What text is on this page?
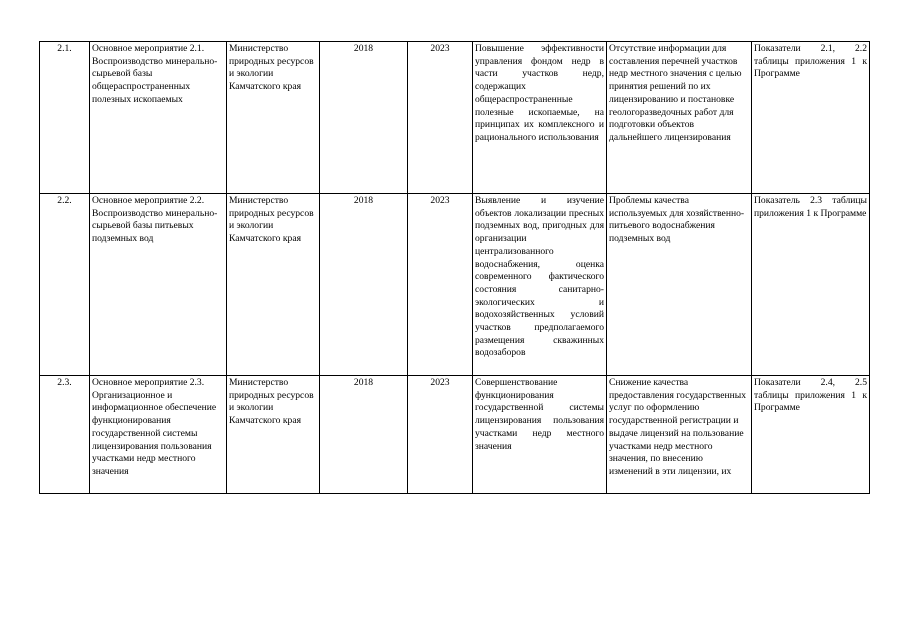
2.1.	Основное мероприятие 2.1. Воспроизводство минерально-сырьевой базы общераспространенных полезных ископаемых	Министерство природных ресурсов и экологии Камчатского края	2018	2023	Повышение эффективности управления фондом недр в части участков недр, содержащих общераспространенные полезные ископаемые, на принципах их комплексного и рационального использования	Отсутствие информации для составления перечней участков недр местного значения с целью принятия решений по их лицензированию и постановке геологоразведочных работ для подготовки объектов дальнейшего лицензирования	Показатели 2.1, 2.2 таблицы приложения 1 к Программе
2.2.	Основное мероприятие 2.2. Воспроизводство минерально-сырьевой базы питьевых подземных вод	Министерство природных ресурсов и экологии Камчатского края	2018	2023	Выявление и изучение объектов локализации пресных подземных вод, пригодных для организации централизованного водоснабжения, оценка современного фактического состояния санитарно-экологических и водохозяйственных условий участков предполагаемого размещения скважинных водозаборов	Проблемы качества используемых для хозяйственно-питьевого водоснабжения подземных вод	Показатель 2.3 таблицы приложения 1 к Программе
2.3.	Основное мероприятие 2.3. Организационное и информационное обеспечение функционирования государственной системы лицензирования пользования участками недр местного значения	Министерство природных ресурсов и экологии Камчатского края	2018	2023	Совершенствование функционирования государственной системы лицензирования пользования участками недр местного значения	Снижение качества предоставления государственных услуг по оформлению государственной регистрации и выдаче лицензий на пользование участками недр местного значения, по внесению изменений в эти лицензии, их	Показатели 2.4, 2.5 таблицы приложения 1 к Программе
